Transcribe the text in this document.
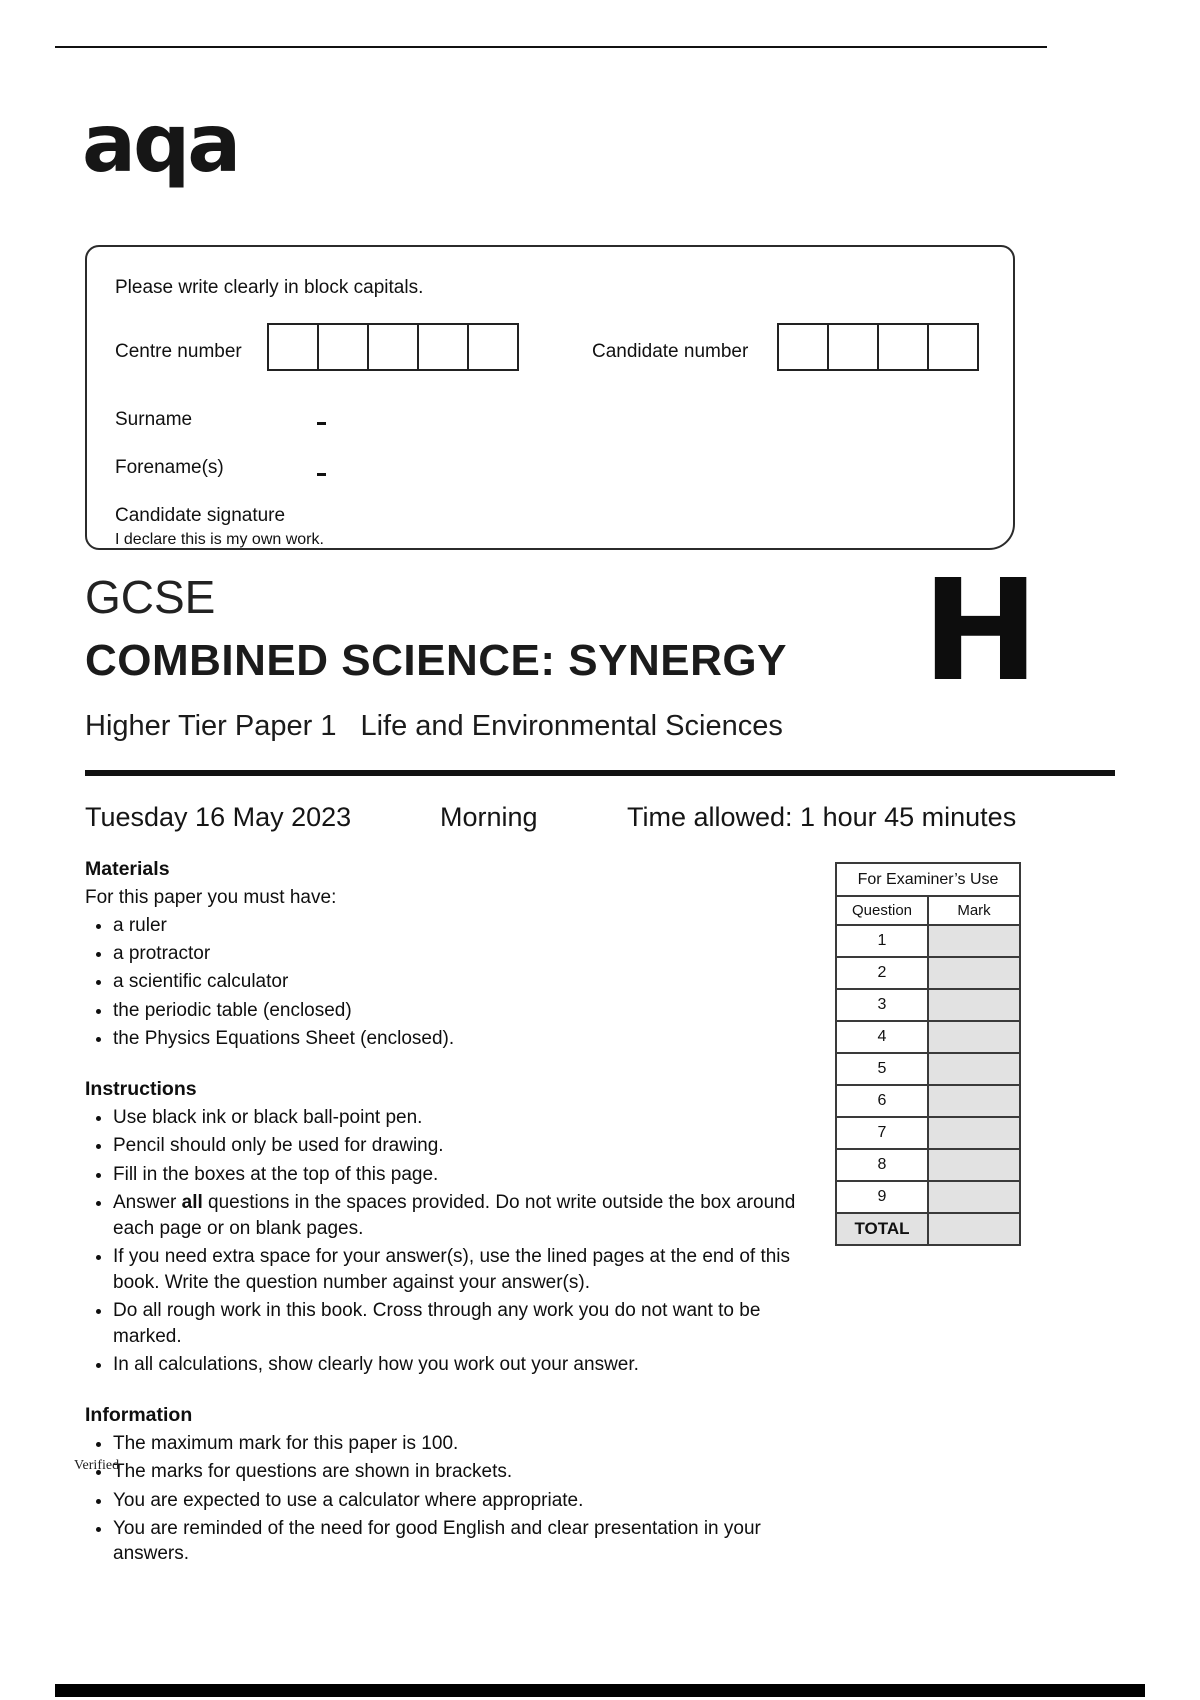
aqa
Please write clearly in block capitals.
Centre number	Candidate number
Surname
Forename(s)
Candidate signature
I declare this is my own work.
GCSE
COMBINED SCIENCE: SYNERGY
Higher Tier Paper 1 Life and Environmental Sciences
H
Tuesday 16 May 2023	Morning	Time allowed: 1 hour 45 minutes
Materials

For this paper you must have:

• a ruler
• a protractor
• a scientific calculator
• the periodic table (enclosed)
• the Physics Equations Sheet (enclosed).
Instructions
• Use black ink or black ball-point pen.
• Pencil should only be used for drawing.
• Fill in the boxes at the top of this page.
• Answer all questions in the spaces provided. Do not write outside the box around each page or on blank pages.
• If you need extra space for your answer(s), use the lined pages at the end of this book. Write the question number against your answer(s).
• Do all rough work in this book. Cross through any work you do not want to be marked.
• In all calculations, show clearly how you work out your answer.
Information
• The maximum mark for this paper is 100.
• The marks for questions are shown in brackets.
• You are expected to use a calculator where appropriate.
• You are reminded of the need for good English and clear presentation in your answers.
For Examiner’s Use	
Question	Mark
1	
2	
3	
4	
5	
6	
7	
8	
9	
TOTAL	
Verified
